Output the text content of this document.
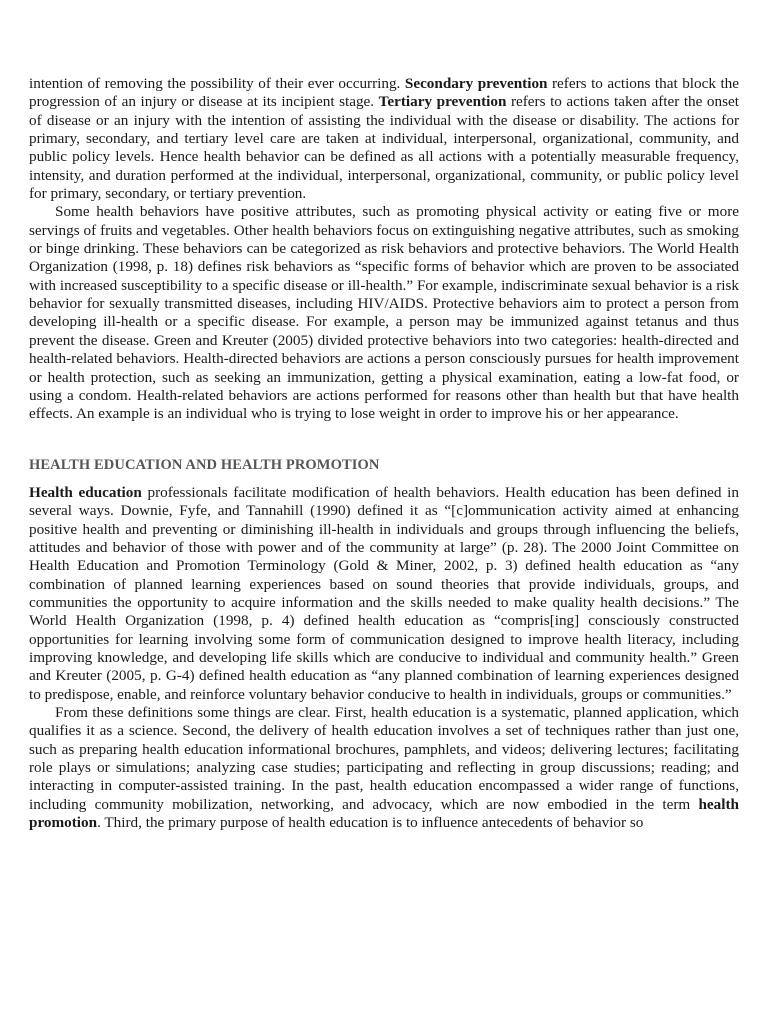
intention of removing the possibility of their ever occurring. Secondary prevention refers to actions that block the progression of an injury or disease at its incipient stage. Tertiary prevention refers to actions taken after the onset of disease or an injury with the intention of assisting the individual with the disease or disability. The actions for primary, secondary, and tertiary level care are taken at individual, interpersonal, organizational, community, and public policy levels. Hence health behavior can be defined as all actions with a potentially measurable frequency, intensity, and duration performed at the individual, interpersonal, organizational, community, or public policy level for primary, secondary, or tertiary prevention.

Some health behaviors have positive attributes, such as promoting physical activity or eating five or more servings of fruits and vegetables. Other health behaviors focus on extinguishing negative attributes, such as smoking or binge drinking. These behaviors can be categorized as risk behaviors and protective behaviors. The World Health Organization (1998, p. 18) defines risk behaviors as “specific forms of behavior which are proven to be associated with increased susceptibility to a specific disease or ill-health.” For example, indiscriminate sexual behavior is a risk behavior for sexually transmitted diseases, including HIV/AIDS. Protective behaviors aim to protect a person from developing ill-health or a specific disease. For example, a person may be immunized against tetanus and thus prevent the disease. Green and Kreuter (2005) divided protective behaviors into two categories: health-directed and health-related behaviors. Health-directed behaviors are actions a person consciously pursues for health improvement or health protection, such as seeking an immunization, getting a physical examination, eating a low-fat food, or using a condom. Health-related behaviors are actions performed for reasons other than health but that have health effects. An example is an individual who is trying to lose weight in order to improve his or her appearance.

HEALTH EDUCATION AND HEALTH PROMOTION

Health education professionals facilitate modification of health behaviors. Health education has been defined in several ways. Downie, Fyfe, and Tannahill (1990) defined it as “[c]ommunication activity aimed at enhancing positive health and preventing or diminishing ill-health in individuals and groups through influencing the beliefs, attitudes and behavior of those with power and of the community at large” (p. 28). The 2000 Joint Committee on Health Education and Promotion Terminology (Gold & Miner, 2002, p. 3) defined health education as “any combination of planned learning experiences based on sound theories that provide individuals, groups, and communities the opportunity to acquire information and the skills needed to make quality health decisions.” The World Health Organization (1998, p. 4) defined health education as “compris[ing] consciously constructed opportunities for learning involving some form of communication designed to improve health literacy, including improving knowledge, and developing life skills which are conducive to individual and community health.” Green and Kreuter (2005, p. G-4) defined health education as “any planned combination of learning experiences designed to predispose, enable, and reinforce voluntary behavior conducive to health in individuals, groups or communities.”

From these definitions some things are clear. First, health education is a systematic, planned application, which qualifies it as a science. Second, the delivery of health education involves a set of techniques rather than just one, such as preparing health education informational brochures, pamphlets, and videos; delivering lectures; facilitating role plays or simulations; analyzing case studies; participating and reflecting in group discussions; reading; and interacting in computer-assisted training. In the past, health education encompassed a wider range of functions, including community mobilization, networking, and advocacy, which are now embodied in the term health promotion. Third, the primary purpose of health education is to influence antecedents of behavior so
